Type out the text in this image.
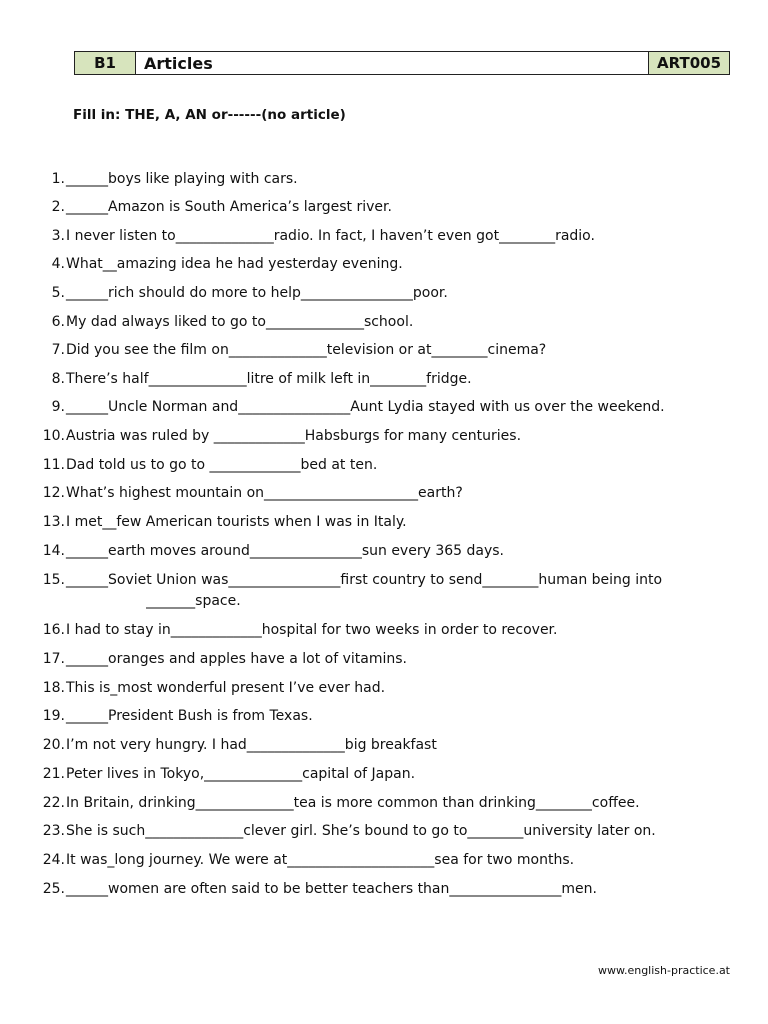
B1	Articles	ART005
Fill in: THE, A, AN or------(no article)
1. ______boys like playing with cars.
2. ______Amazon is South America’s largest river.
3. I never listen to______________radio. In fact, I haven’t even got________radio.
4. What__amazing idea he had yesterday evening.
5. ______rich should do more to help________________poor.
6. My dad always liked to go to______________school.
7. Did you see the film on______________television or at________cinema?
8. There’s half______________litre of milk left in________fridge.
9. ______Uncle Norman and________________Aunt Lydia stayed with us over the weekend.
10. Austria was ruled by _____________Habsburgs for many centuries.
11. Dad told us to go to _____________bed at ten.
12. What’s highest mountain on______________________earth?
13. I met__few American tourists when I was in Italy.
14. ______earth moves around________________sun every 365 days.
15. ______Soviet Union was________________first country to send________human being into
         _______space.
16. I had to stay in_____________hospital for two weeks in order to recover.
17. ______oranges and apples have a lot of vitamins.
18. This is_most wonderful present I’ve ever had.
19. ______President Bush is from Texas.
20. I’m not very hungry. I had______________big breakfast
21. Peter lives in Tokyo,______________capital of Japan.
22. In Britain, drinking______________tea is more common than drinking________coffee.
23. She is such______________clever girl. She’s bound to go to________university later on.
24. It was_long journey. We were at_____________________sea for two months.
25. ______women are often said to be better teachers than________________men.
www.english-practice.at
